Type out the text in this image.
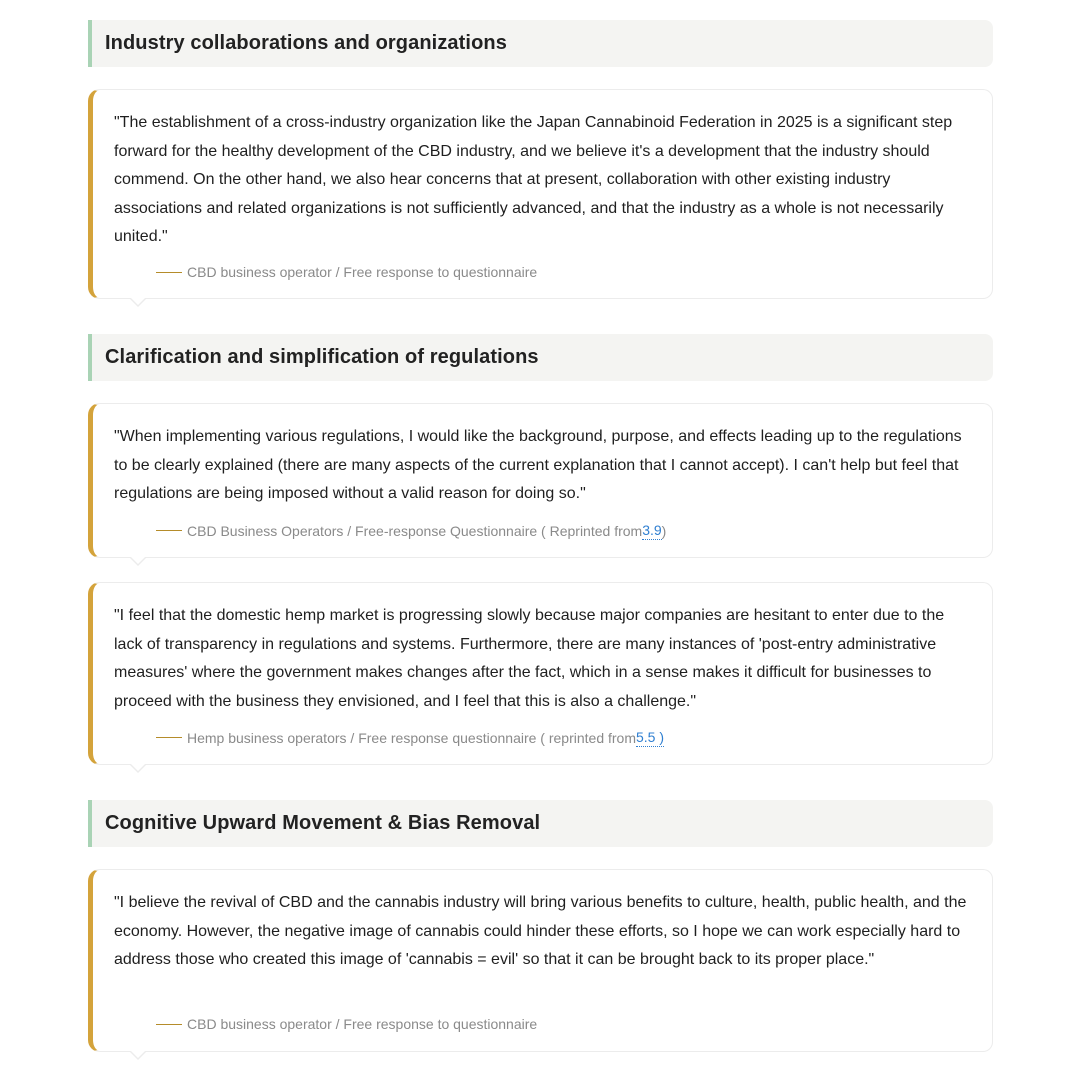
Industry collaborations and organizations

"The establishment of a cross-industry organization like the Japan Cannabinoid Federation in 2025 is a significant step forward for the healthy development of the CBD industry, and we believe it's a development that the industry should commend. On the other hand, we also hear concerns that at present, collaboration with other existing industry associations and related organizations is not sufficiently advanced, and that the industry as a whole is not necessarily united."

CBD business operator / Free response to questionnaire
Clarification and simplification of regulations

"When implementing various regulations, I would like the background, purpose, and effects leading up to the regulations to be clearly explained (there are many aspects of the current explanation that I cannot accept). I can't help but feel that regulations are being imposed without a valid reason for doing so."

CBD Business Operators / Free-response Questionnaire ( Reprinted from 3.9 )

"I feel that the domestic hemp market is progressing slowly because major companies are hesitant to enter due to the lack of transparency in regulations and systems. Furthermore, there are many instances of 'post-entry administrative measures' where the government makes changes after the fact, which in a sense makes it difficult for businesses to proceed with the business they envisioned, and I feel that this is also a challenge."

Hemp business operators / Free response questionnaire ( reprinted from 5.5 )
Cognitive Upward Movement & Bias Removal

"I believe the revival of CBD and the cannabis industry will bring various benefits to culture, health, public health, and the economy. However, the negative image of cannabis could hinder these efforts, so I hope we can work especially hard to address those who created this image of 'cannabis = evil' so that it can be brought back to its proper place."

CBD business operator / Free response to questionnaire
